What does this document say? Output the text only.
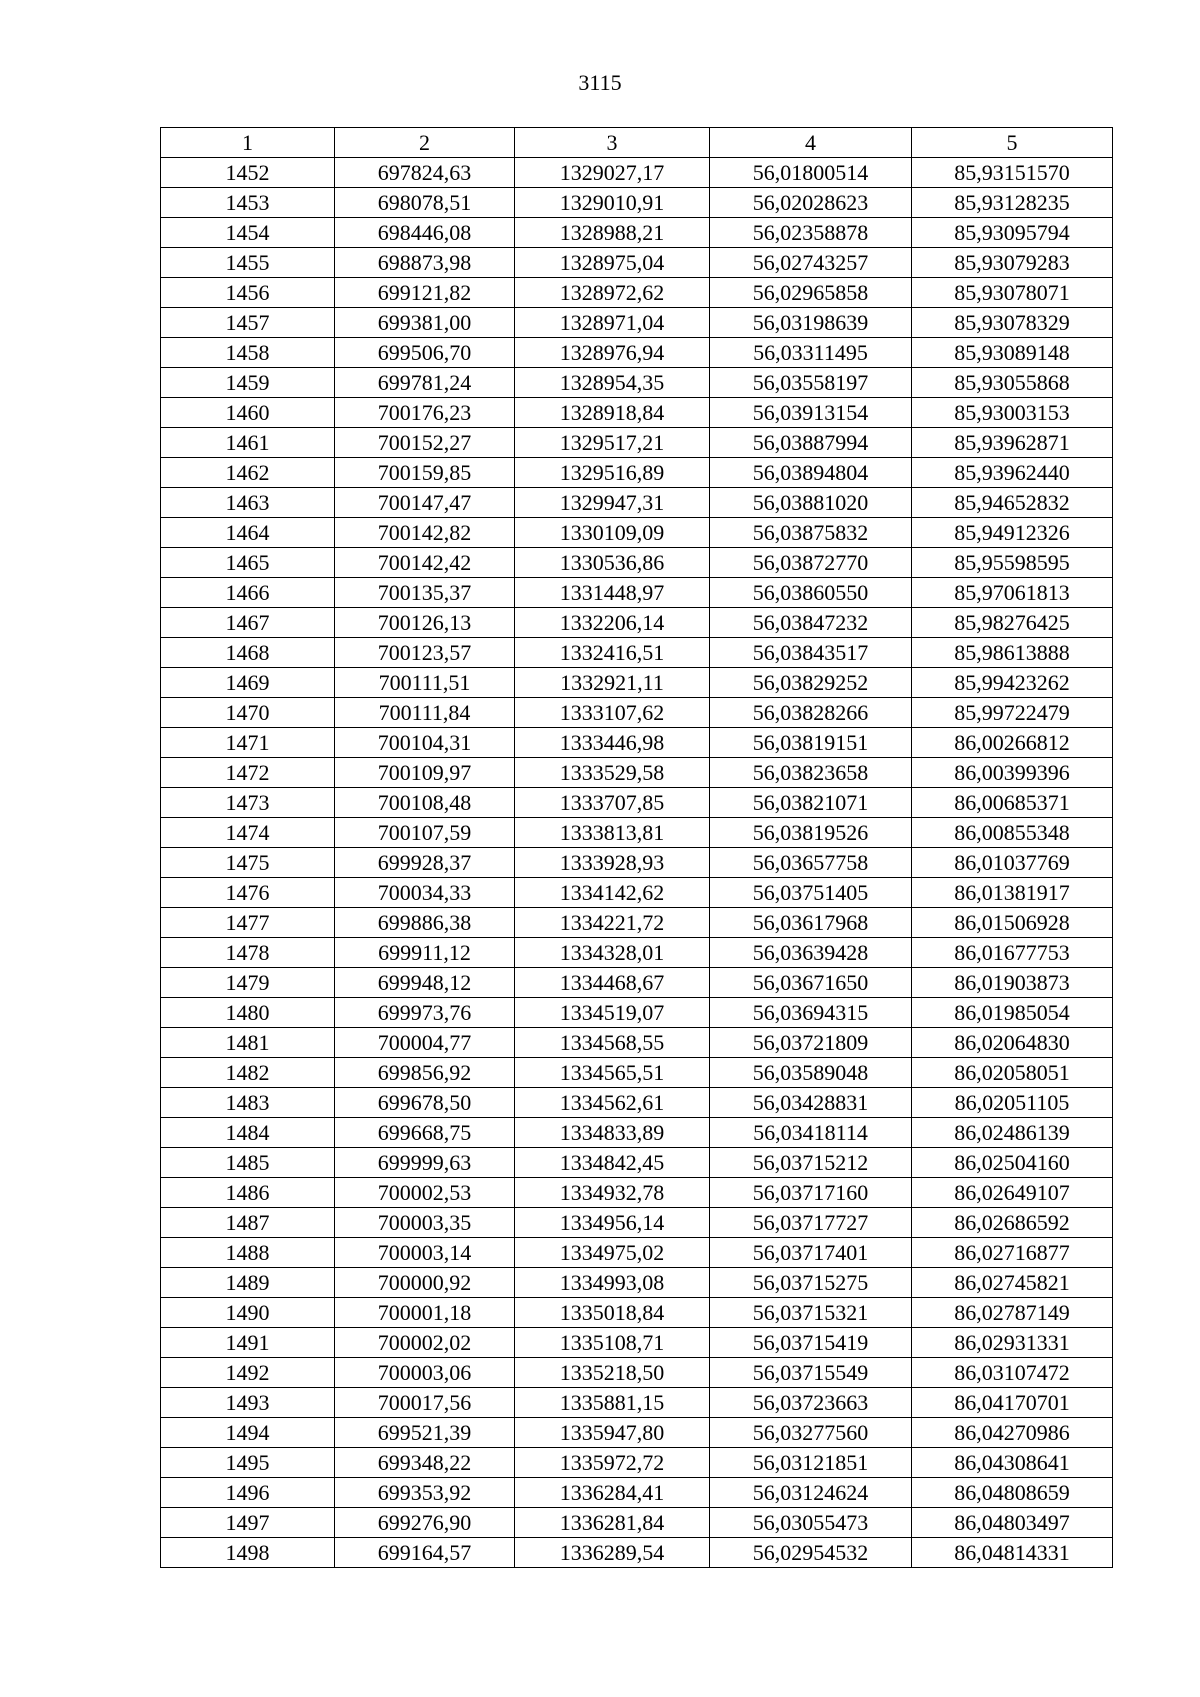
3115
1	2	3	4	5
1452	697824,63	1329027,17	56,01800514	85,93151570
1453	698078,51	1329010,91	56,02028623	85,93128235
1454	698446,08	1328988,21	56,02358878	85,93095794
1455	698873,98	1328975,04	56,02743257	85,93079283
1456	699121,82	1328972,62	56,02965858	85,93078071
1457	699381,00	1328971,04	56,03198639	85,93078329
1458	699506,70	1328976,94	56,03311495	85,93089148
1459	699781,24	1328954,35	56,03558197	85,93055868
1460	700176,23	1328918,84	56,03913154	85,93003153
1461	700152,27	1329517,21	56,03887994	85,93962871
1462	700159,85	1329516,89	56,03894804	85,93962440
1463	700147,47	1329947,31	56,03881020	85,94652832
1464	700142,82	1330109,09	56,03875832	85,94912326
1465	700142,42	1330536,86	56,03872770	85,95598595
1466	700135,37	1331448,97	56,03860550	85,97061813
1467	700126,13	1332206,14	56,03847232	85,98276425
1468	700123,57	1332416,51	56,03843517	85,98613888
1469	700111,51	1332921,11	56,03829252	85,99423262
1470	700111,84	1333107,62	56,03828266	85,99722479
1471	700104,31	1333446,98	56,03819151	86,00266812
1472	700109,97	1333529,58	56,03823658	86,00399396
1473	700108,48	1333707,85	56,03821071	86,00685371
1474	700107,59	1333813,81	56,03819526	86,00855348
1475	699928,37	1333928,93	56,03657758	86,01037769
1476	700034,33	1334142,62	56,03751405	86,01381917
1477	699886,38	1334221,72	56,03617968	86,01506928
1478	699911,12	1334328,01	56,03639428	86,01677753
1479	699948,12	1334468,67	56,03671650	86,01903873
1480	699973,76	1334519,07	56,03694315	86,01985054
1481	700004,77	1334568,55	56,03721809	86,02064830
1482	699856,92	1334565,51	56,03589048	86,02058051
1483	699678,50	1334562,61	56,03428831	86,02051105
1484	699668,75	1334833,89	56,03418114	86,02486139
1485	699999,63	1334842,45	56,03715212	86,02504160
1486	700002,53	1334932,78	56,03717160	86,02649107
1487	700003,35	1334956,14	56,03717727	86,02686592
1488	700003,14	1334975,02	56,03717401	86,02716877
1489	700000,92	1334993,08	56,03715275	86,02745821
1490	700001,18	1335018,84	56,03715321	86,02787149
1491	700002,02	1335108,71	56,03715419	86,02931331
1492	700003,06	1335218,50	56,03715549	86,03107472
1493	700017,56	1335881,15	56,03723663	86,04170701
1494	699521,39	1335947,80	56,03277560	86,04270986
1495	699348,22	1335972,72	56,03121851	86,04308641
1496	699353,92	1336284,41	56,03124624	86,04808659
1497	699276,90	1336281,84	56,03055473	86,04803497
1498	699164,57	1336289,54	56,02954532	86,04814331
